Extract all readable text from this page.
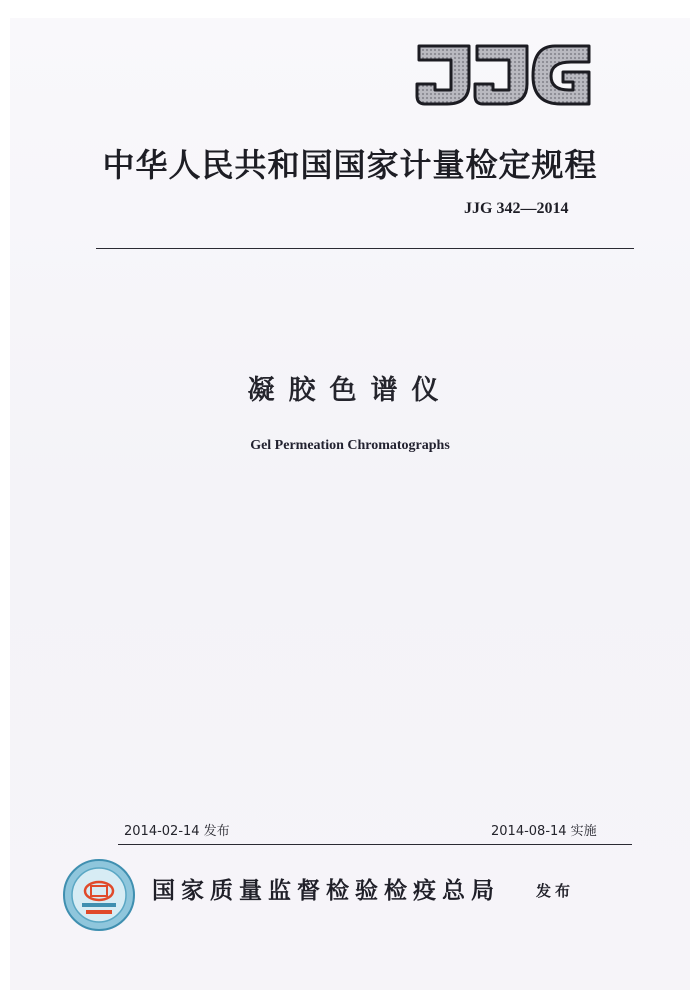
中华人民共和国国家计量检定规程
JJG 342—2014
凝胶色谱仪
Gel Permeation Chromatographs
2014-02-14 发布	2014-08-14 实施
国家质量监督检验检疫总局 发布
